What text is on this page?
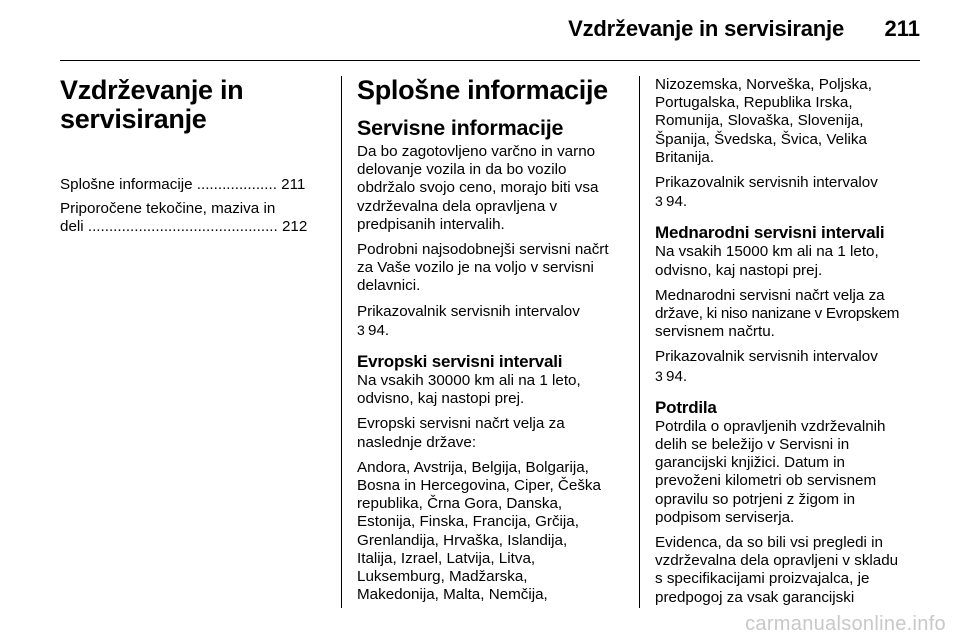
Vzdrževanje in servisiranje 211
Vzdrževanje in
servisiranje
Splošne informacije ................... 211
Priporočene tekočine, maziva in
deli ............................................. 212
Splošne informacije
Servisne informacije

Da bo zagotovljeno varčno in varno
delovanje vozila in da bo vozilo
obdržalo svojo ceno, morajo biti vsa
vzdrževalna dela opravljena v
predpisanih intervalih.

Podrobni najsodobnejši servisni načrt
za Vaše vozilo je na voljo v servisni
delavnici.

Prikazovalnik servisnih intervalov
3 94.

Evropski servisni intervali

Na vsakih 30000 km ali na 1 leto,
odvisno, kaj nastopi prej.

Evropski servisni načrt velja za
naslednje države:

Andora, Avstrija, Belgija, Bolgarija,
Bosna in Hercegovina, Ciper, Češka
republika, Črna Gora, Danska,
Estonija, Finska, Francija, Grčija,
Grenlandija, Hrvaška, Islandija,
Italija, Izrael, Latvija, Litva,
Luksemburg, Madžarska,
Makedonija, Malta, Nemčija,

Nizozemska, Norveška, Poljska,
Portugalska, Republika Irska,
Romunija, Slovaška, Slovenija,
Španija, Švedska, Švica, Velika
Britanija.

Prikazovalnik servisnih intervalov
3 94.

Mednarodni servisni intervali

Na vsakih 15000 km ali na 1 leto,
odvisno, kaj nastopi prej.

Mednarodni servisni načrt velja za
države, ki niso nanizane v Evropskem
servisnem načrtu.

Prikazovalnik servisnih intervalov
3 94.

Potrdila

Potrdila o opravljenih vzdrževalnih
delih se beležijo v Servisni in
garancijski knjižici. Datum in
prevoženi kilometri ob servisnem
opravilu so potrjeni z žigom in
podpisom serviserja.

Evidenca, da so bili vsi pregledi in
vzdrževalna dela opravljeni v skladu
s specifikacijami proizvajalca, je
predpogoj za vsak garancijski

carmanualsonline.info
